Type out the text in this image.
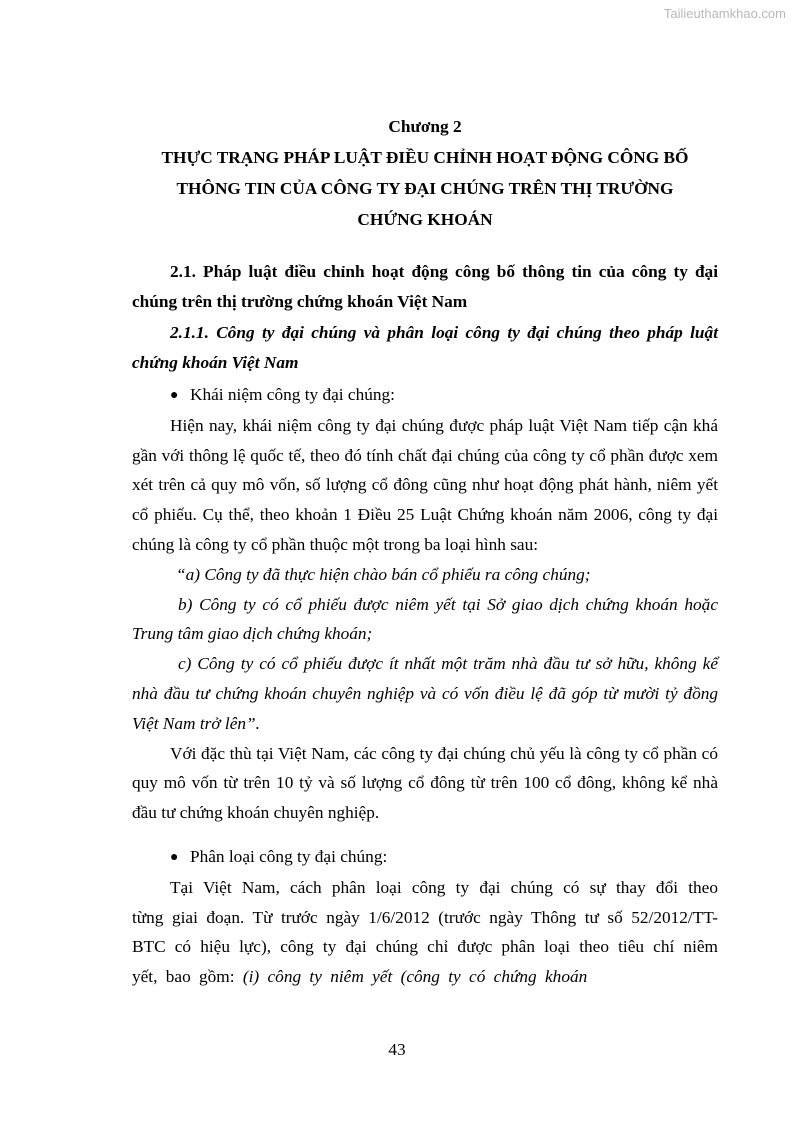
Tailieuthamkhao.com

Chương 2

THỰC TRẠNG PHÁP LUẬT ĐIỀU CHỈNH HOẠT ĐỘNG CÔNG BỐ

THÔNG TIN CỦA CÔNG TY ĐẠI CHÚNG TRÊN THỊ TRƯỜNG

CHỨNG KHOÁN

2.1. Pháp luật điều chỉnh hoạt động công bố thông tin của công ty đại chúng trên thị trường chứng khoán Việt Nam

2.1.1. Công ty đại chúng và phân loại công ty đại chúng theo pháp luật chứng khoán Việt Nam

● Khái niệm công ty đại chúng:

Hiện nay, khái niệm công ty đại chúng được pháp luật Việt Nam tiếp cận khá gần với thông lệ quốc tế, theo đó tính chất đại chúng của công ty cổ phần được xem xét trên cả quy mô vốn, số lượng cổ đông cũng như hoạt động phát hành, niêm yết cổ phiếu. Cụ thể, theo khoản 1 Điều 25 Luật Chứng khoán năm 2006, công ty đại chúng là công ty cổ phần thuộc một trong ba loại hình sau:

“a) Công ty đã thực hiện chào bán cổ phiếu ra công chúng;

b) Công ty có cổ phiếu được niêm yết tại Sở giao dịch chứng khoán hoặc Trung tâm giao dịch chứng khoán;

c) Công ty có cổ phiếu được ít nhất một trăm nhà đầu tư sở hữu, không kể nhà đầu tư chứng khoán chuyên nghiệp và có vốn điều lệ đã góp từ mười tỷ đồng Việt Nam trở lên”.

Với đặc thù tại Việt Nam, các công ty đại chúng chủ yếu là công ty cổ phần có quy mô vốn từ trên 10 tỷ và số lượng cổ đông từ trên 100 cổ đông, không kể nhà đầu tư chứng khoán chuyên nghiệp.

● Phân loại công ty đại chúng:

Tại Việt Nam, cách phân loại công ty đại chúng có sự thay đổi theo từng giai đoạn. Từ trước ngày 1/6/2012 (trước ngày Thông tư số 52/2012/TT-BTC có hiệu lực), công ty đại chúng chỉ được phân loại theo tiêu chí niêm yết, bao gồm: (i) công ty niêm yết (công ty có chứng khoán

43
